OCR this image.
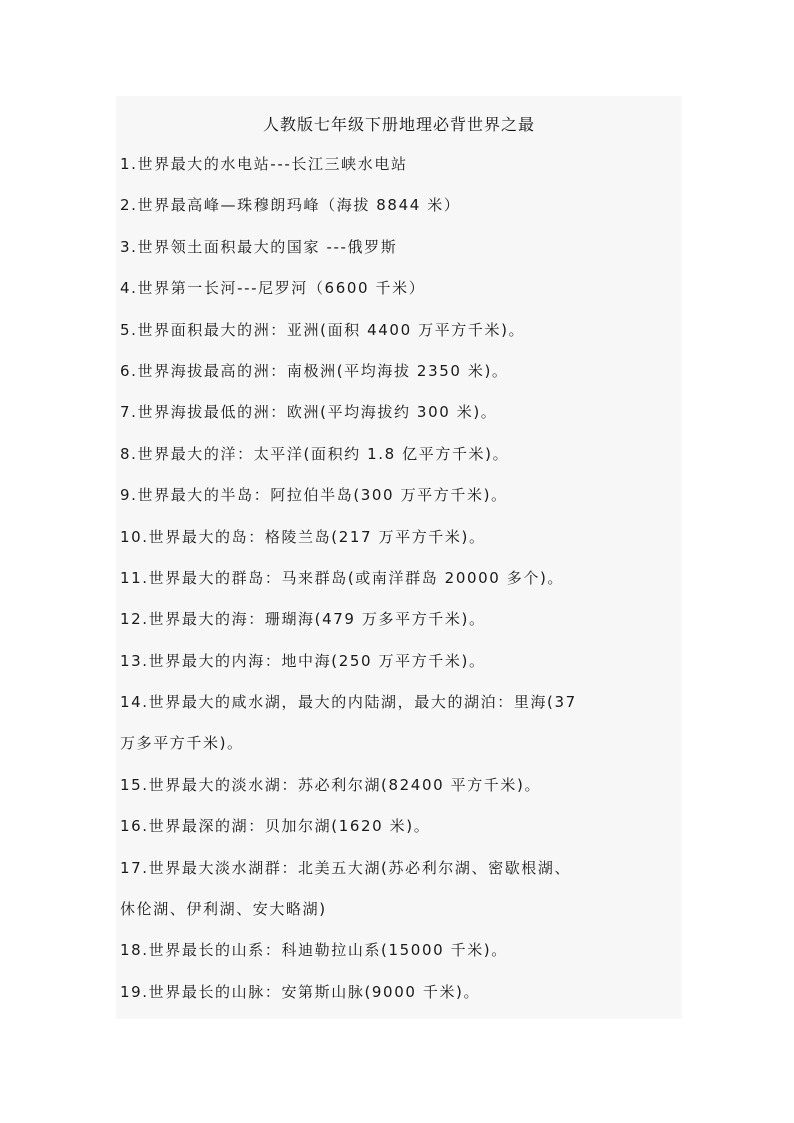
人教版七年级下册地理必背世界之最
1.世界最大的水电站---长江三峡水电站
2.世界最高峰—珠穆朗玛峰（海拔 8844 米）
3.世界领土面积最大的国家 ---俄罗斯
4.世界第一长河---尼罗河（6600 千米）
5.世界面积最大的洲：亚洲(面积 4400 万平方千米)。
6.世界海拔最高的洲：南极洲(平均海拔 2350 米)。
7.世界海拔最低的洲：欧洲(平均海拔约 300 米)。
8.世界最大的洋：太平洋(面积约 1.8 亿平方千米)。
9.世界最大的半岛：阿拉伯半岛(300 万平方千米)。
10.世界最大的岛：格陵兰岛(217 万平方千米)。
11.世界最大的群岛：马来群岛(或南洋群岛 20000 多个)。
12.世界最大的海：珊瑚海(479 万多平方千米)。
13.世界最大的内海：地中海(250 万平方千米)。
14.世界最大的咸水湖，最大的内陆湖，最大的湖泊：里海(37
万多平方千米)。
15.世界最大的淡水湖：苏必利尔湖(82400 平方千米)。
16.世界最深的湖：贝加尔湖(1620 米)。
17.世界最大淡水湖群：北美五大湖(苏必利尔湖、密歇根湖、
休伦湖、伊利湖、安大略湖)
18.世界最长的山系：科迪勒拉山系(15000 千米)。
19.世界最长的山脉：安第斯山脉(9000 千米)。
